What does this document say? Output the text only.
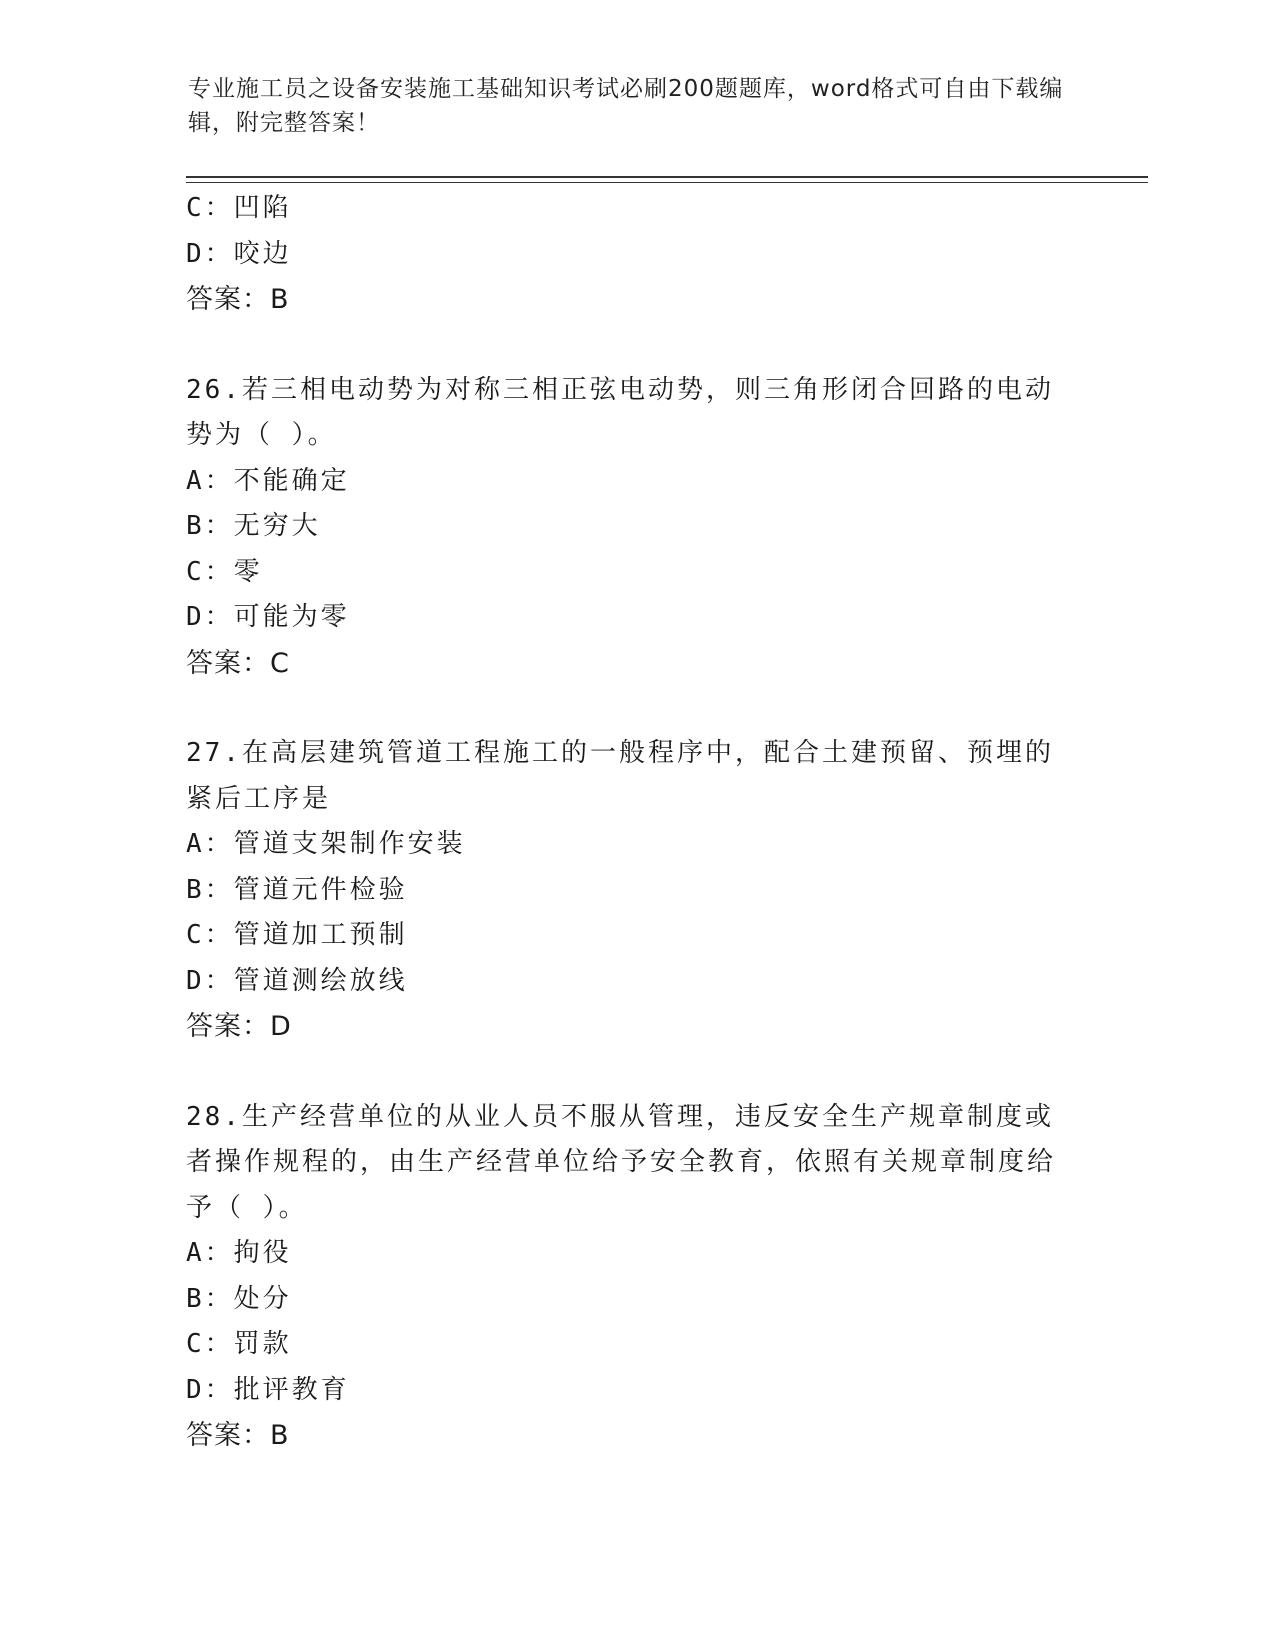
专业施工员之设备安装施工基础知识考试必刷200题题库，word格式可自由下载编辑，附完整答案！
C：凹陷
D：咬边
答案：B
26.若三相电动势为对称三相正弦电动势，则三角形闭合回路的电动势为（ ）。
A：不能确定
B：无穷大
C：零
D：可能为零
答案：C
27.在高层建筑管道工程施工的一般程序中，配合土建预留、预埋的紧后工序是
A：管道支架制作安装
B：管道元件检验
C：管道加工预制
D：管道测绘放线
答案：D
28.生产经营单位的从业人员不服从管理，违反安全生产规章制度或者操作规程的，由生产经营单位给予安全教育，依照有关规章制度给予（ ）。
A：拘役
B：处分
C：罚款
D：批评教育
答案：B
